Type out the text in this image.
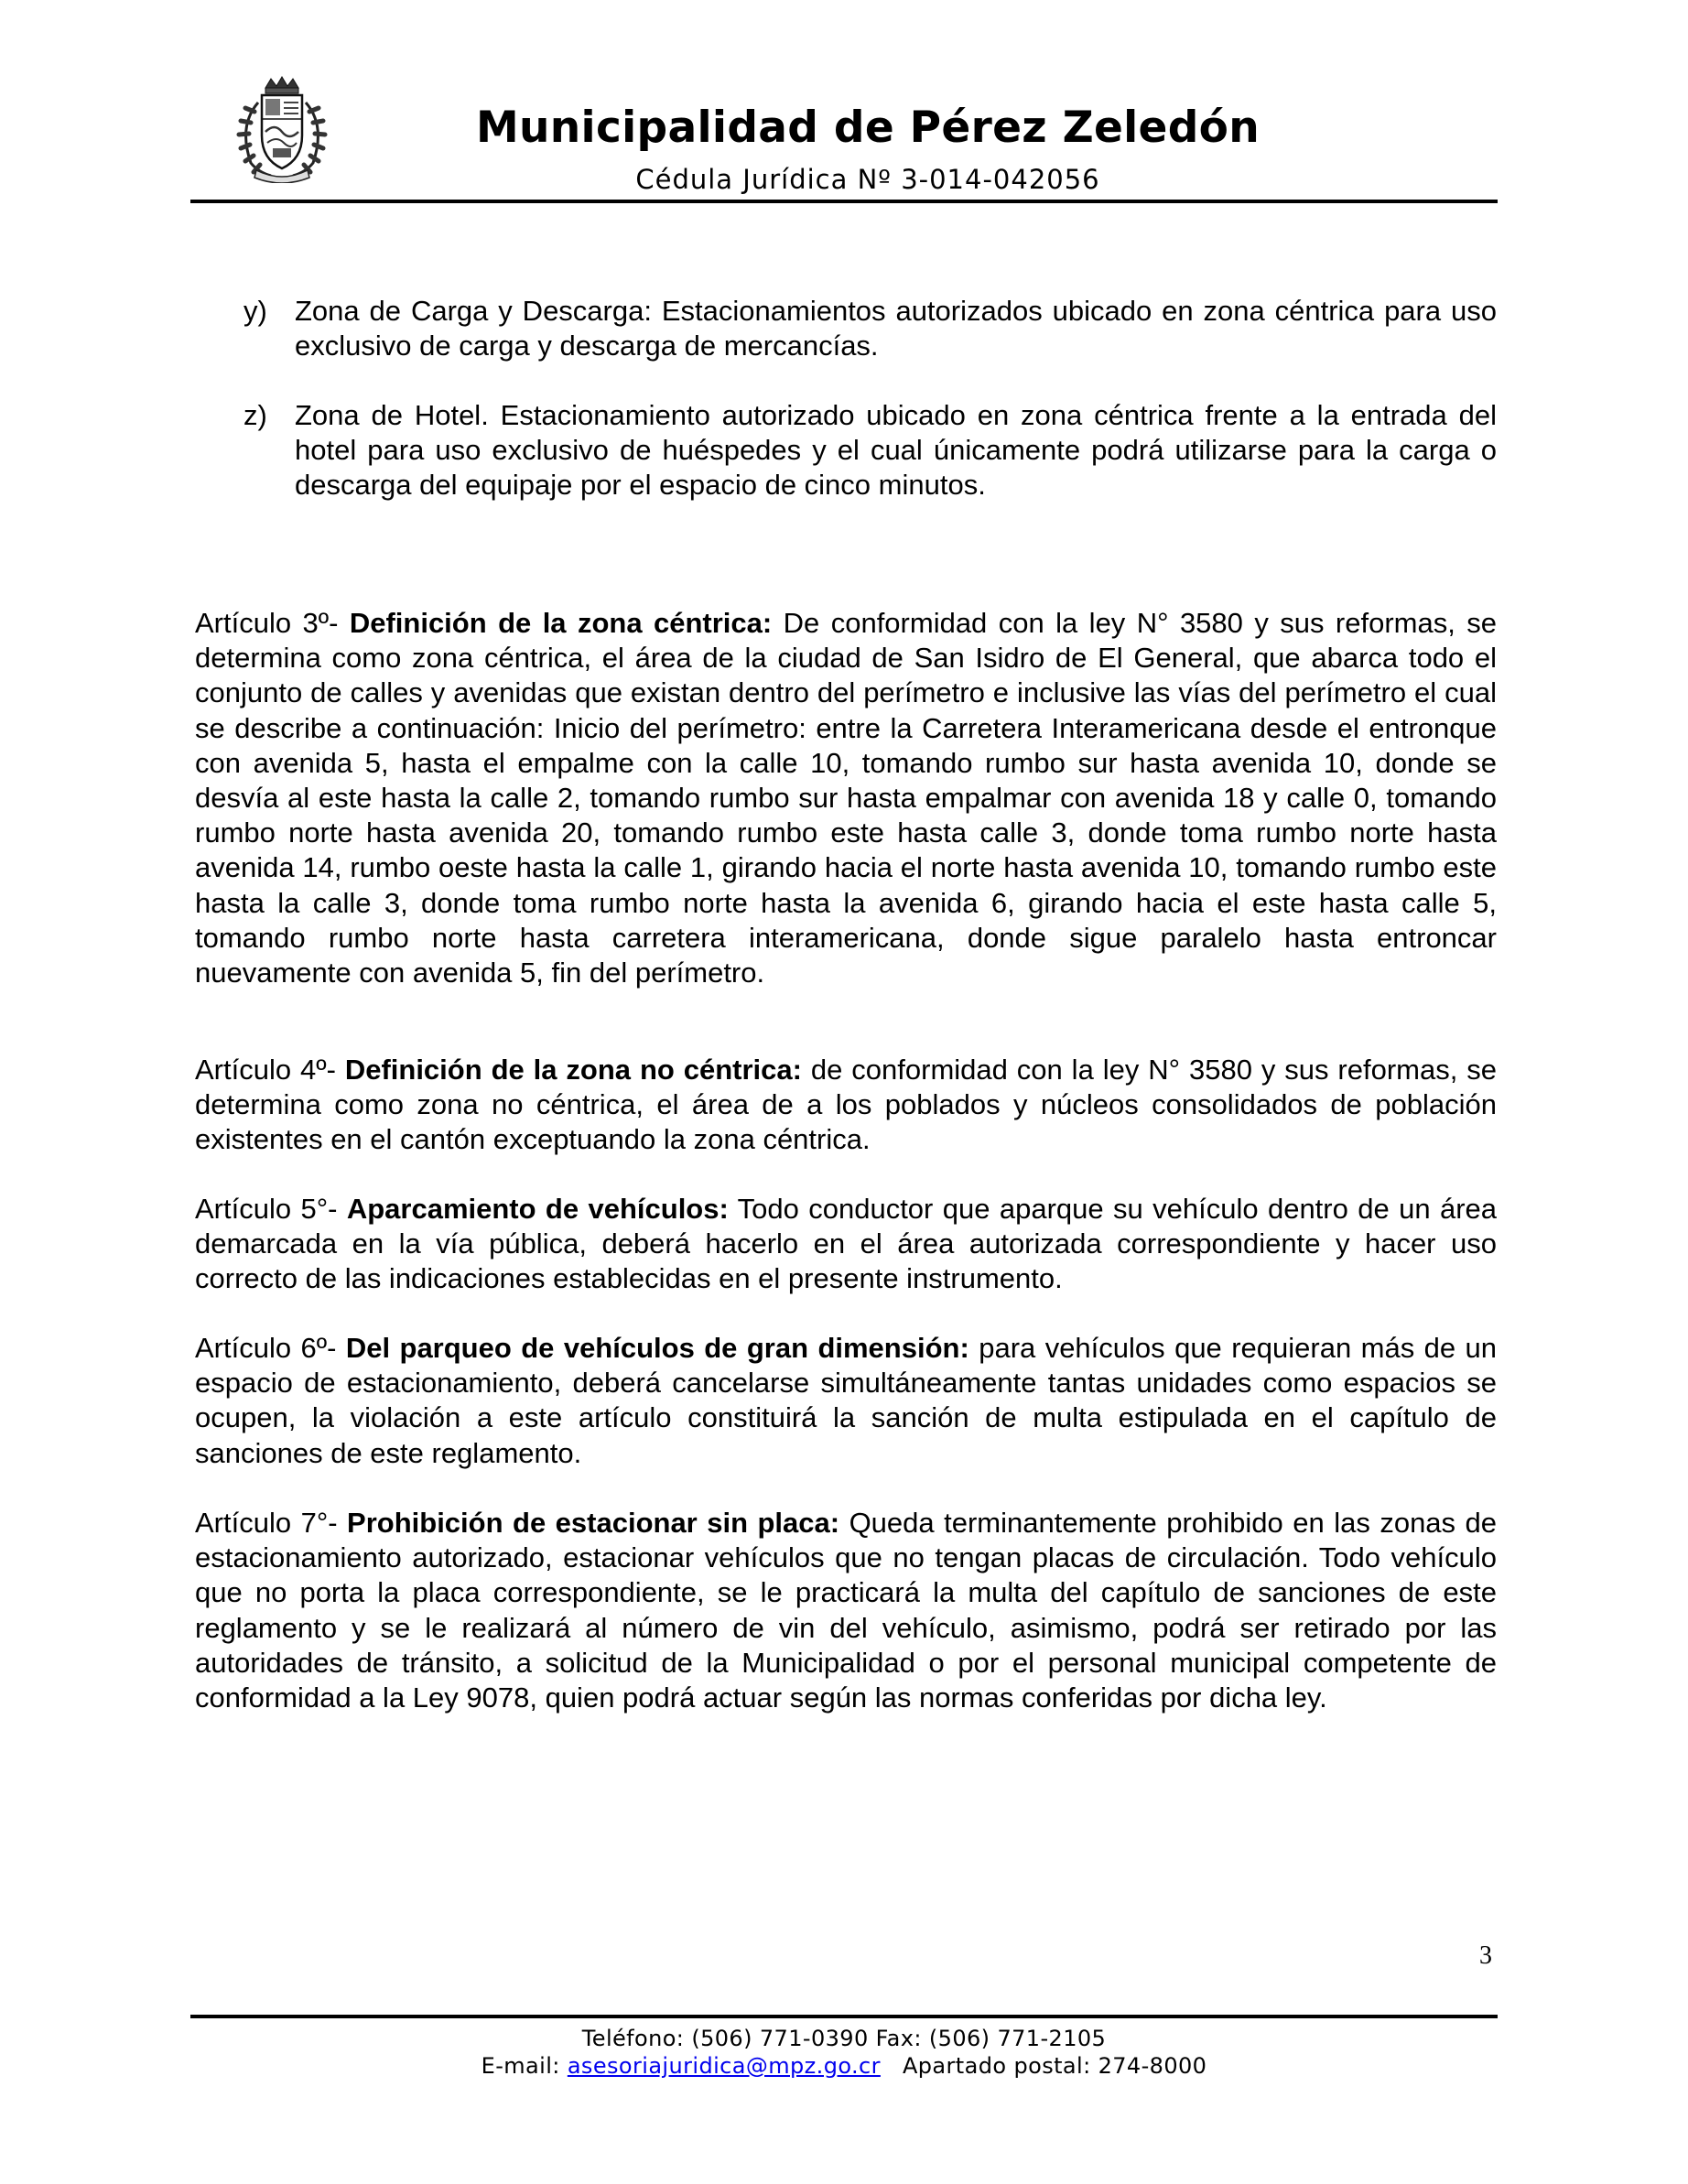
Municipalidad de Pérez Zeledón
Cédula Jurídica Nº 3-014-042056
y) Zona de Carga y Descarga: Estacionamientos autorizados ubicado en zona céntrica para uso exclusivo de carga y descarga de mercancías.
z) Zona de Hotel. Estacionamiento autorizado ubicado en zona céntrica frente a la entrada del hotel para uso exclusivo de huéspedes y el cual únicamente podrá utilizarse para la carga o descarga del equipaje por el espacio de cinco minutos.
Artículo 3º- Definición de la zona céntrica: De conformidad con la ley N° 3580 y sus reformas, se determina como zona céntrica, el área de la ciudad de San Isidro de El General, que abarca todo el conjunto de calles y avenidas que existan dentro del perímetro e inclusive las vías del perímetro el cual se describe a continuación: Inicio del perímetro: entre la Carretera Interamericana desde el entronque con avenida 5, hasta el empalme con la calle 10, tomando rumbo sur hasta avenida 10, donde se desvía al este hasta la calle 2, tomando rumbo sur hasta empalmar con avenida 18 y calle 0, tomando rumbo norte hasta avenida 20, tomando rumbo este hasta calle 3, donde toma rumbo norte hasta avenida 14, rumbo oeste hasta la calle 1, girando hacia el norte hasta avenida 10, tomando rumbo este hasta la calle 3, donde toma rumbo norte hasta la avenida 6, girando hacia el este hasta calle 5, tomando rumbo norte hasta carretera interamericana, donde sigue paralelo hasta entroncar nuevamente con avenida 5, fin del perímetro.
Artículo 4º- Definición de la zona no céntrica: de conformidad con la ley N° 3580 y sus reformas, se determina como zona no céntrica, el área de a los poblados y núcleos consolidados de población existentes en el cantón exceptuando la zona céntrica.
Artículo 5°- Aparcamiento de vehículos: Todo conductor que aparque su vehículo dentro de un área demarcada en la vía pública, deberá hacerlo en el área autorizada correspondiente y hacer uso correcto de las indicaciones establecidas en el presente instrumento.
Artículo 6º- Del parqueo de vehículos de gran dimensión: para vehículos que requieran más de un espacio de estacionamiento, deberá cancelarse simultáneamente tantas unidades como espacios se ocupen, la violación a este artículo constituirá la sanción de multa estipulada en el capítulo de sanciones de este reglamento.
Artículo 7°- Prohibición de estacionar sin placa: Queda terminantemente prohibido en las zonas de estacionamiento autorizado, estacionar vehículos que no tengan placas de circulación. Todo vehículo que no porta la placa correspondiente, se le practicará la multa del capítulo de sanciones de este reglamento y se le realizará al número de vin del vehículo, asimismo, podrá ser retirado por las autoridades de tránsito, a solicitud de la Municipalidad o por el personal municipal competente de conformidad a la Ley 9078, quien podrá actuar según las normas conferidas por dicha ley.
3
Teléfono: (506) 771-0390 Fax: (506) 771-2105
E-mail: asesoriajuridica@mpz.go.cr Apartado postal: 274-8000
